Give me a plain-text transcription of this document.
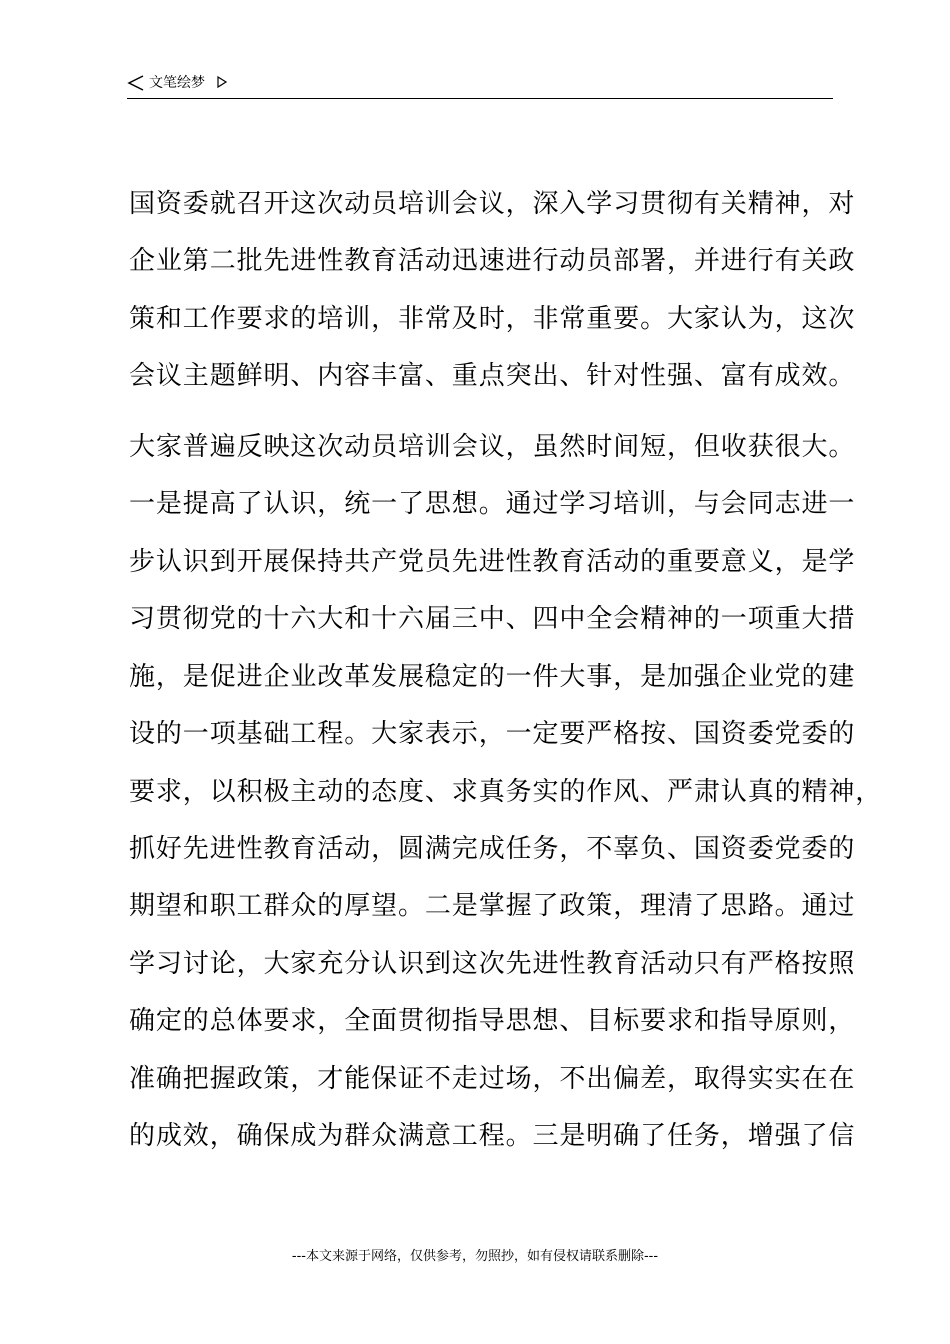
文笔绘梦
国资委就召开这次动员培训会议，深入学习贯彻有关精神，对
企业第二批先进性教育活动迅速进行动员部署，并进行有关政
策和工作要求的培训，非常及时，非常重要。大家认为，这次
会议主题鲜明、内容丰富、重点突出、针对性强、富有成效。
大家普遍反映这次动员培训会议，虽然时间短，但收获很大。
一是提高了认识，统一了思想。通过学习培训，与会同志进一
步认识到开展保持共产党员先进性教育活动的重要意义，是学
习贯彻党的十六大和十六届三中、四中全会精神的一项重大措
施，是促进企业改革发展稳定的一件大事，是加强企业党的建
设的一项基础工程。大家表示，一定要严格按、国资委党委的
要求，以积极主动的态度、求真务实的作风、严肃认真的精神，
抓好先进性教育活动，圆满完成任务，不辜负、国资委党委的
期望和职工群众的厚望。二是掌握了政策，理清了思路。通过
学习讨论，大家充分认识到这次先进性教育活动只有严格按照
确定的总体要求，全面贯彻指导思想、目标要求和指导原则，
准确把握政策，才能保证不走过场，不出偏差，取得实实在在
的成效，确保成为群众满意工程。三是明确了任务，增强了信
---本文来源于网络，仅供参考，勿照抄，如有侵权请联系删除---
